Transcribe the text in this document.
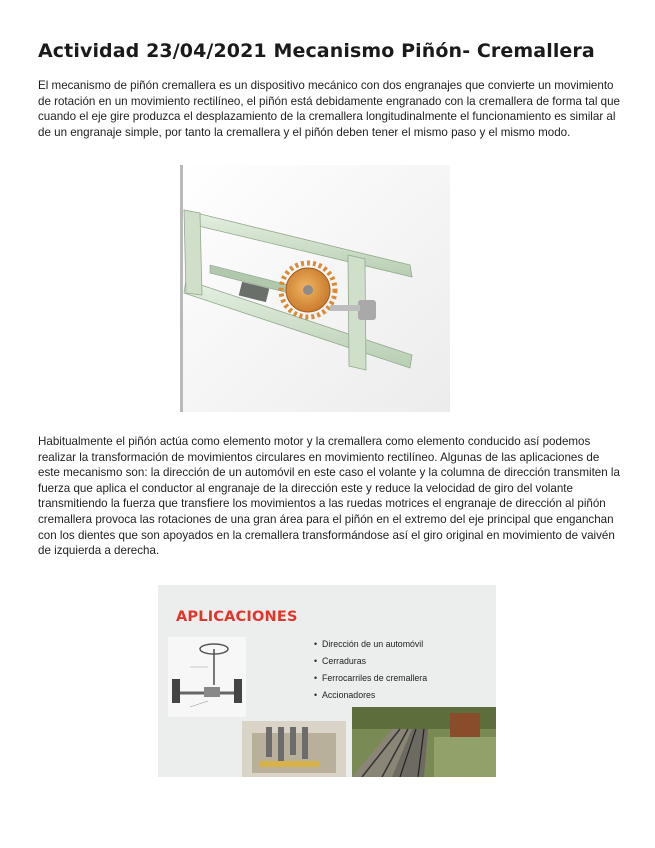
Actividad 23/04/2021 Mecanismo Piñón- Cremallera

El mecanismo de piñón cremallera es un dispositivo mecánico con dos engranajes que convierte un movimiento de rotación en un movimiento rectilíneo, el piñón está debidamente engranado con la cremallera de forma tal que cuando el eje gire produzca el desplazamiento de la cremallera longitudinalmente el funcionamiento es similar al de un engranaje simple, por tanto la cremallera y el piñón deben tener el mismo paso y el mismo modo.

Habitualmente el piñón actúa como elemento motor y la cremallera como elemento conducido así podemos realizar la transformación de movimientos circulares en movimiento rectilíneo. Algunas de las aplicaciones de este mecanismo son: la dirección de un automóvil en este caso el volante y la columna de dirección transmiten la fuerza que aplica el conductor al engranaje de la dirección este y reduce la velocidad de giro del volante transmitiendo la fuerza que transfiere los movimientos a las ruedas motrices el engranaje de dirección al piñón cremallera provoca las rotaciones de una gran área para el piñón en el extremo del eje principal que enganchan con los dientes que son apoyados en la cremallera transformándose así el giro original en movimiento de vaivén de izquierda a derecha.

APLICACIONES
• Dirección de un automóvil
• Cerraduras
• Ferrocarriles de cremallera
• Accionadores
